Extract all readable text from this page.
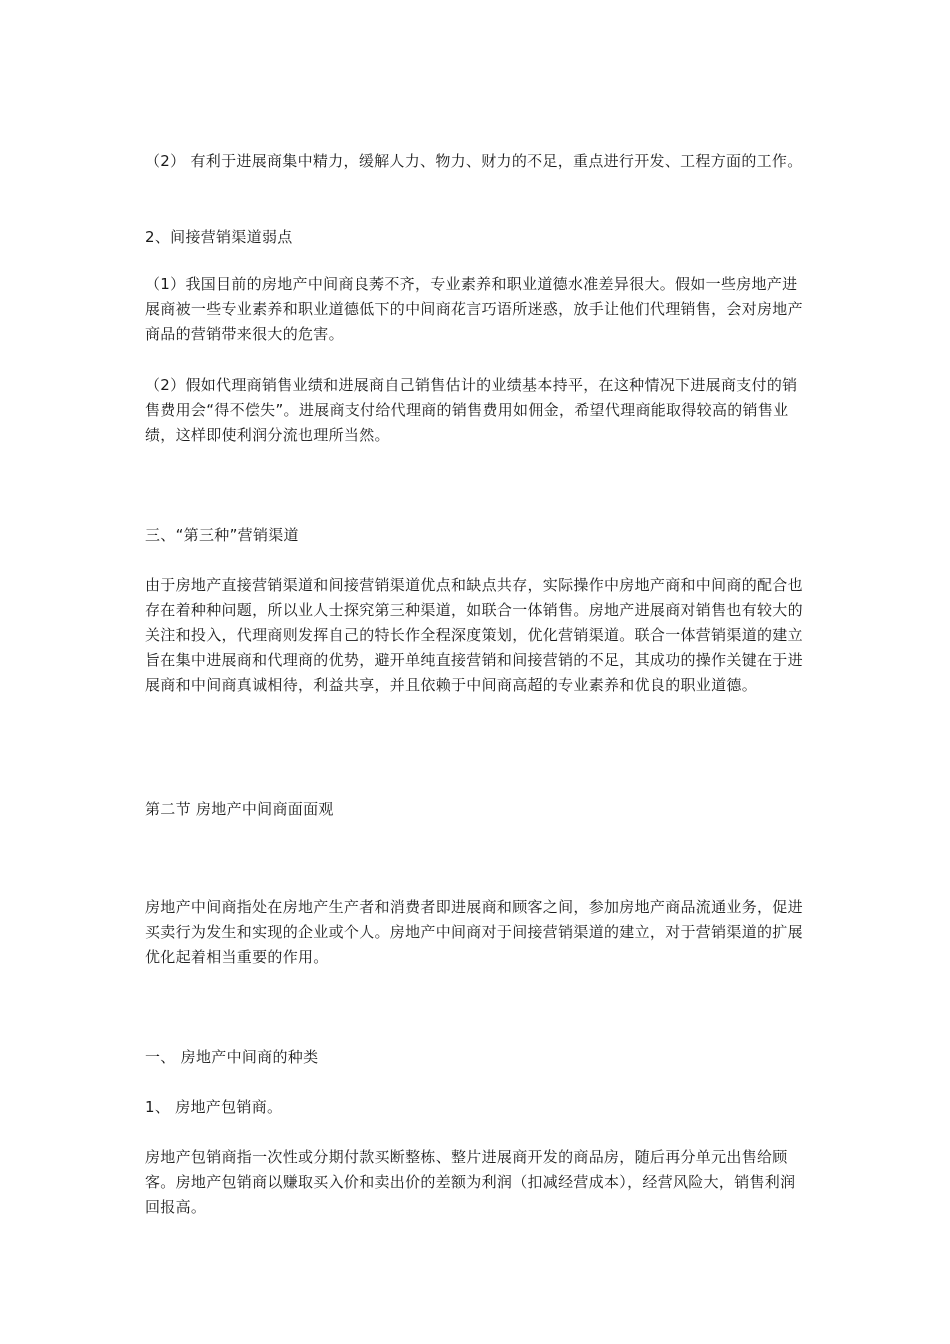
（2） 有利于进展商集中精力，缓解人力、物力、财力的不足，重点进行开发、工程方面的工作。

2、间接营销渠道弱点

（1）我国目前的房地产中间商良莠不齐，专业素养和职业道德水准差异很大。假如一些房地产进展商被一些专业素养和职业道德低下的中间商花言巧语所迷惑，放手让他们代理销售，会对房地产商品的营销带来很大的危害。

（2）假如代理商销售业绩和进展商自己销售估计的业绩基本持平，在这种情况下进展商支付的销售费用会“得不偿失”。进展商支付给代理商的销售费用如佣金，希望代理商能取得较高的销售业绩，这样即使利润分流也理所当然。

三、“第三种”营销渠道

由于房地产直接营销渠道和间接营销渠道优点和缺点共存，实际操作中房地产商和中间商的配合也存在着种种问题，所以业人士探究第三种渠道，如联合一体销售。房地产进展商对销售也有较大的关注和投入，代理商则发挥自己的特长作全程深度策划，优化营销渠道。联合一体营销渠道的建立旨在集中进展商和代理商的优势，避开单纯直接营销和间接营销的不足，其成功的操作关键在于进展商和中间商真诚相待，利益共享，并且依赖于中间商高超的专业素养和优良的职业道德。

第二节 房地产中间商面面观

房地产中间商指处在房地产生产者和消费者即进展商和顾客之间，参加房地产商品流通业务，促进买卖行为发生和实现的企业或个人。房地产中间商对于间接营销渠道的建立，对于营销渠道的扩展优化起着相当重要的作用。

一、 房地产中间商的种类

1、 房地产包销商。

房地产包销商指一次性或分期付款买断整栋、整片进展商开发的商品房，随后再分单元出售给顾客。房地产包销商以赚取买入价和卖出价的差额为利润（扣减经营成本），经营风险大，销售利润回报高。
